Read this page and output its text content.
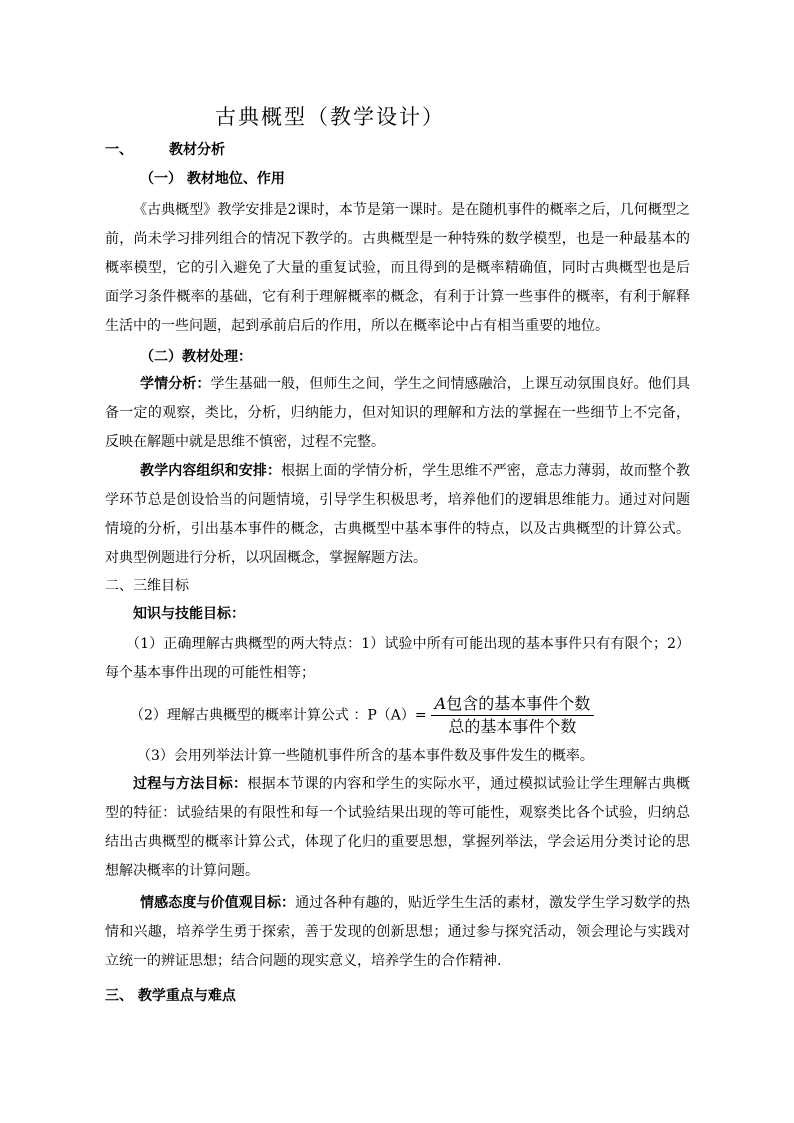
古典概型（教学设计）
一、	教材分析
（一） 教材地位、作用
《古典概型》教学安排是2课时，本节是第一课时。是在随机事件的概率之后，几何概型之前，尚未学习排列组合的情况下教学的。古典概型是一种特殊的数学模型，也是一种最基本的概率模型，它的引入避免了大量的重复试验，而且得到的是概率精确值，同时古典概型也是后面学习条件概率的基础，它有利于理解概率的概念，有利于计算一些事件的概率，有利于解释生活中的一些问题，起到承前启后的作用，所以在概率论中占有相当重要的地位。
（二）教材处理：
学情分析：学生基础一般，但师生之间，学生之间情感融洽，上课互动氛围良好。他们具备一定的观察，类比，分析，归纳能力，但对知识的理解和方法的掌握在一些细节上不完备，反映在解题中就是思维不慎密，过程不完整。
教学内容组织和安排：根据上面的学情分析，学生思维不严密，意志力薄弱，故而整个教学环节总是创设恰当的问题情境，引导学生积极思考，培养他们的逻辑思维能力。通过对问题情境的分析，引出基本事件的概念，古典概型中基本事件的特点，以及古典概型的计算公式。对典型例题进行分析，以巩固概念，掌握解题方法。
二、三维目标
知识与技能目标：
（1）正确理解古典概型的两大特点：1）试验中所有可能出现的基本事件只有有限个；2）每个基本事件出现的可能性相等；
（2）理解古典概型的概率计算公式 ：$P(A)= \frac{\text{A包含的基本事件个数}}{\text{总的基本事件个数}}$
（3）会用列举法计算一些随机事件所含的基本事件数及事件发生的概率。
过程与方法目标：根据本节课的内容和学生的实际水平，通过模拟试验让学生理解古典概型的特征：试验结果的有限性和每一个试验结果出现的等可能性，观察类比各个试验，归纳总结出古典概型的概率计算公式，体现了化归的重要思想，掌握列举法，学会运用分类讨论的思想解决概率的计算问题。
情感态度与价值观目标：通过各种有趣的，贴近学生生活的素材，激发学生学习数学的热情和兴趣，培养学生勇于探索，善于发现的创新思想；通过参与探究活动，领会理论与实践对立统一的辨证思想；结合问题的现实意义，培养学生的合作精神.
三、 教学重点与难点
